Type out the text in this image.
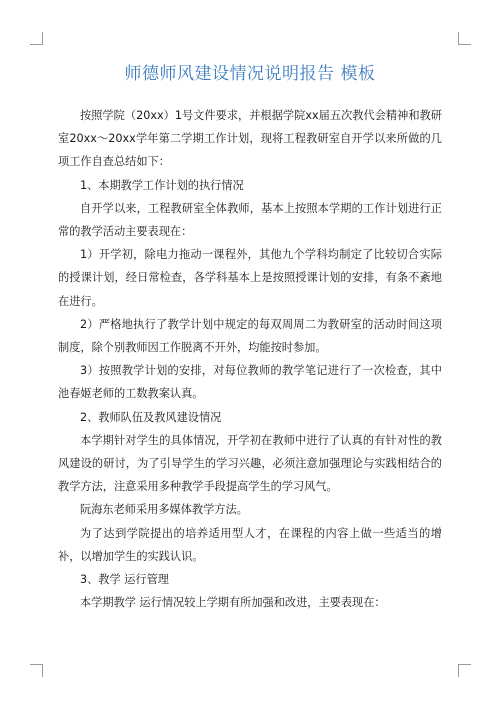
师德师风建设情况说明报告 模板

按照学院（20xx）1号文件要求，并根据学院xx届五次教代会精神和教研室20xx～20xx学年第二学期工作计划，现将工程教研室自开学以来所做的几项工作自查总结如下：

1、本期教学工作计划的执行情况

自开学以来，工程教研室全体教师，基本上按照本学期的工作计划进行正常的教学活动主要表现在：

1）开学初，除电力拖动一课程外，其他九个学科均制定了比较切合实际的授课计划，经日常检查，各学科基本上是按照授课计划的安排，有条不紊地在进行。

2）严格地执行了教学计划中规定的每双周周二为教研室的活动时间这项制度，除个别教师因工作脱离不开外，均能按时参加。

3）按照教学计划的安排，对每位教师的教学笔记进行了一次检查，其中池春姬老师的工数教案认真。

2、教师队伍及教风建设情况

本学期针对学生的具体情况，开学初在教师中进行了认真的有针对性的教风建设的研讨，为了引导学生的学习兴趣，必须注意加强理论与实践相结合的教学方法，注意采用多种教学手段提高学生的学习风气。

阮海东老师采用多媒体教学方法。

为了达到学院提出的培养适用型人才，在课程的内容上做一些适当的增补，以增加学生的实践认识。

3、教学 运行管理

本学期教学 运行情况较上学期有所加强和改进，主要表现在：
